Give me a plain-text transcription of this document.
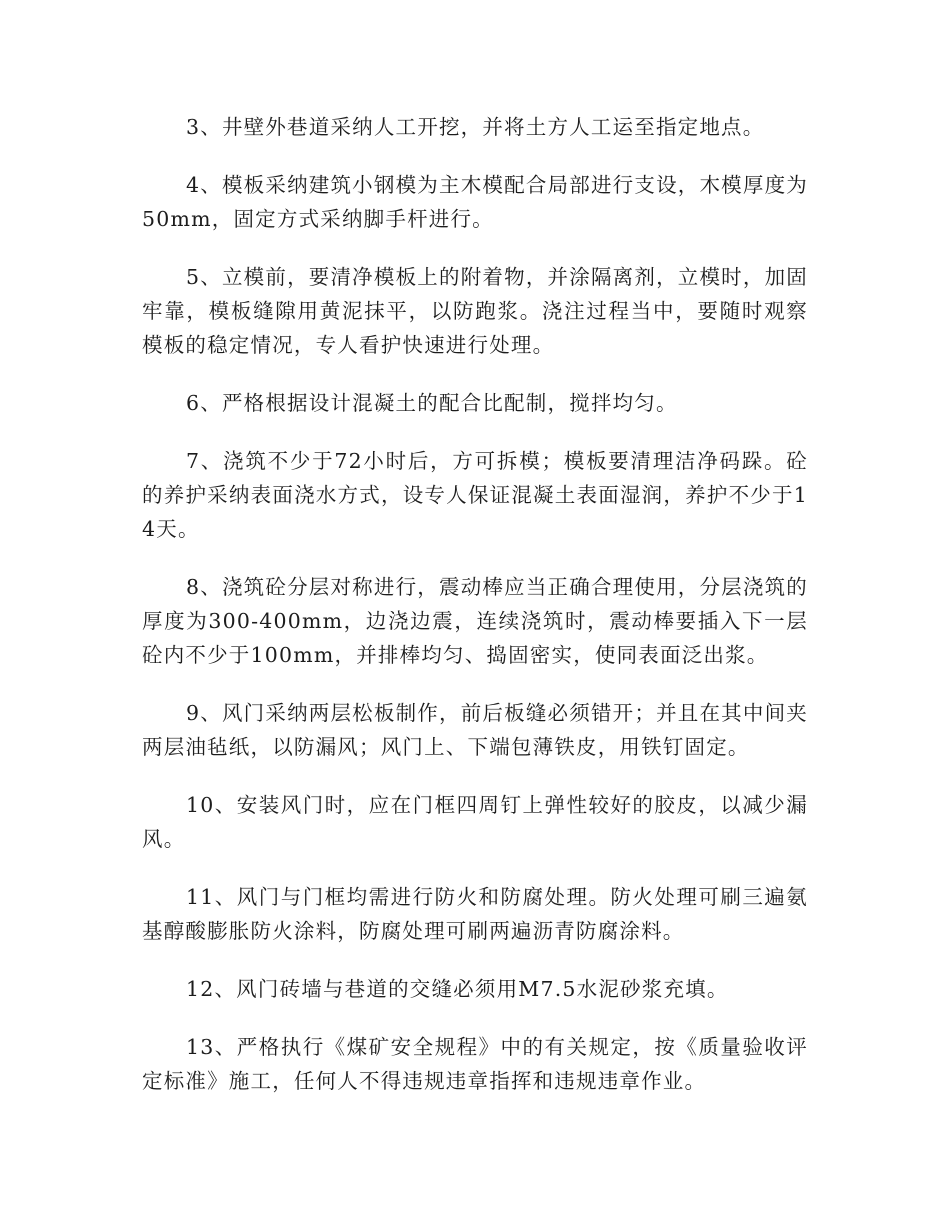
3、井壁外巷道采纳人工开挖，并将土方人工运至指定地点。

4、模板采纳建筑小钢模为主木模配合局部进行支设，木模厚度为50mm，固定方式采纳脚手杆进行。

5、立模前，要清净模板上的附着物，并涂隔离剂，立模时，加固牢靠，模板缝隙用黄泥抹平，以防跑浆。浇注过程当中，要随时观察模板的稳定情况，专人看护快速进行处理。

6、严格根据设计混凝土的配合比配制，搅拌均匀。

7、浇筑不少于72小时后，方可拆模；模板要清理洁净码跺。砼的养护采纳表面浇水方式，设专人保证混凝土表面湿润，养护不少于14天。

8、浇筑砼分层对称进行，震动棒应当正确合理使用，分层浇筑的厚度为300-400mm，边浇边震，连续浇筑时，震动棒要插入下一层砼内不少于100mm，并排棒均匀、捣固密实，使同表面泛出浆。

9、风门采纳两层松板制作，前后板缝必须错开；并且在其中间夹两层油毡纸，以防漏风；风门上、下端包薄铁皮，用铁钉固定。

10、安装风门时，应在门框四周钉上弹性较好的胶皮，以减少漏风。

11、风门与门框均需进行防火和防腐处理。防火处理可刷三遍氨基醇酸膨胀防火涂料，防腐处理可刷两遍沥青防腐涂料。

12、风门砖墙与巷道的交缝必须用M7.5水泥砂浆充填。

13、严格执行《煤矿安全规程》中的有关规定，按《质量验收评定标准》施工，任何人不得违规违章指挥和违规违章作业。
